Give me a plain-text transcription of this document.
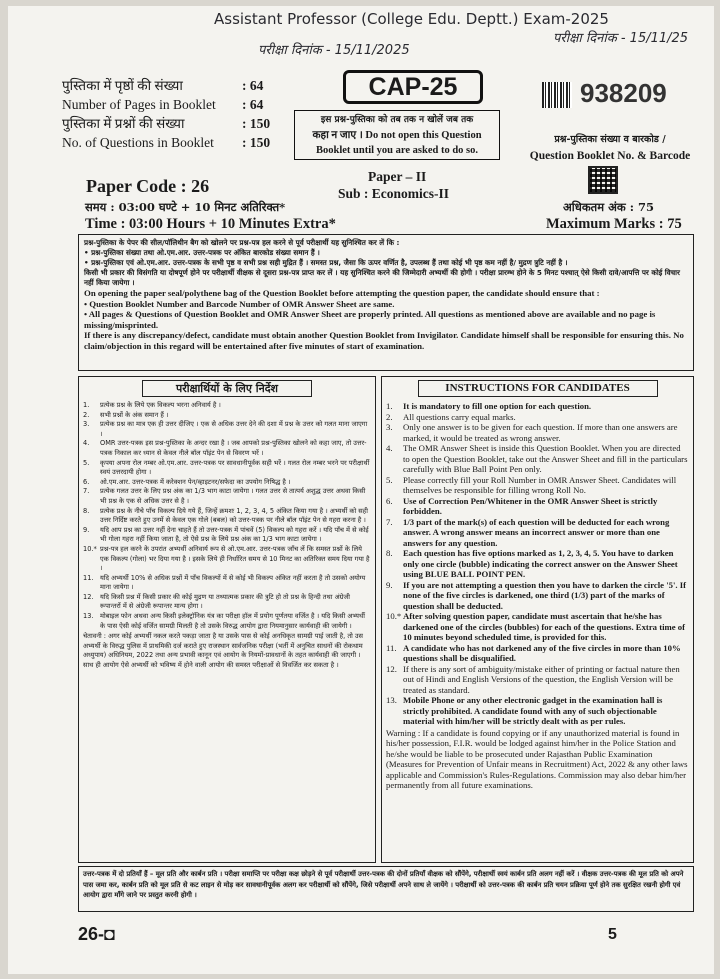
Assistant Professor (College Edu. Deptt.) Exam-2025
परीक्षा दिनांक - 15/11/2025
परीक्षा दिनांक - 15/11/25
पुस्तिका में पृष्ठों की संख्या	: 64
Number of Pages in Booklet : 64
पुस्तिका में प्रश्नों की संख्या	: 150
No. of Questions in Booklet : 150
CAP-25
इस प्रश्न-पुस्तिका को तब तक न खोलें जब तक
कहा न जाए । Do not open this Question
Booklet until you are asked to do so.
938209
प्रश्न-पुस्तिका संख्या व बारकोड /
Question Booklet No. & Barcode
Paper Code : 26	Paper – II
Sub : Economics-II
समय : 03:00 घण्टे + 10 मिनट अतिरिक्त*
Time : 03:00 Hours + 10 Minutes Extra*
अधिकतम अंक : 75
Maximum Marks : 75

प्रश्न-पुस्तिका के पेपर की सील/पॉलिथीन बैग को खोलने पर प्रश्न-पत्र हल करने से पूर्व परीक्षार्थी यह सुनिश्चित कर लें कि :

• प्रश्न-पुस्तिका संख्या तथा ओ.एम.आर. उत्तर-पत्रक पर अंकित बारकोड संख्या समान हैं ।

• प्रश्न-पुस्तिका एवं ओ.एम.आर. उत्तर-पत्रक के सभी पृष्ठ व सभी प्रश्न सही मुद्रित हैं । समस्त प्रश्न, जैसा कि ऊपर वर्णित है, उपलब्ध हैं तथा कोई भी पृष्ठ कम नहीं है/ मुद्रण त्रुटि नहीं है ।

किसी भी प्रकार की विसंगति या दोषपूर्ण होने पर परीक्षार्थी वीक्षक से दूसरा प्रश्न-पत्र प्राप्त कर लें । यह सुनिश्चित करने की जिम्मेदारी अभ्यर्थी की होगी । परीक्षा प्रारम्भ होने के 5 मिनट पश्चात् ऐसे किसी दावे/आपत्ति पर कोई विचार नहीं किया जायेगा ।

On opening the paper seal/polythene bag of the Question Booklet before attempting the question paper, the candidate should ensure that :

• Question Booklet Number and Barcode Number of OMR Answer Sheet are same.

• All pages & Questions of Question Booklet and OMR Answer Sheet are properly printed. All questions as mentioned above are available and no page is missing/misprinted.

If there is any discrepancy/defect, candidate must obtain another Question Booklet from Invigilator. Candidate himself shall be responsible for ensuring this. No claim/objection in this regard will be entertained after five minutes of start of examination.

परीक्षार्थियों के लिए निर्देश
1.	प्रत्येक प्रश्न के लिये एक विकल्प भरना अनिवार्य है ।
2.	सभी प्रश्नों के अंक समान हैं ।
3.	प्रत्येक प्रश्न का मात्र एक ही उत्तर दीजिए । एक से अधिक उत्तर देने की दशा में प्रश्न के उत्तर को गलत माना जाएगा ।
4.	OMR उत्तर-पत्रक इस प्रश्न-पुस्तिका के अन्दर रखा है । जब आपको प्रश्न-पुस्तिका खोलने को कहा जाए, तो उत्तर-पत्रक निकाल कर ध्यान से केवल नीले बॉल पॉइंट पेन से विवरण भरें ।
5.	कृपया अपना रोल नम्बर ओ.एम.आर. उत्तर-पत्रक पर सावधानीपूर्वक सही भरें । गलत रोल नम्बर भरने पर परीक्षार्थी स्वयं उत्तरदायी होगा ।
6.	ओ.एम.आर. उत्तर-पत्रक में करेक्शन पेन/व्हाइटनर/सफेदा का उपयोग निषिद्ध है ।
7.	प्रत्येक गलत उत्तर के लिए प्रश्न अंक का 1/3 भाग काटा जायेगा । गलत उत्तर से तात्पर्य अशुद्ध उत्तर अथवा किसी भी प्रश्न के एक से अधिक उत्तर से है ।
8.	प्रत्येक प्रश्न के नीचे पाँच विकल्प दिये गये हैं, जिन्हें क्रमशः 1, 2, 3, 4, 5 अंकित किया गया है । अभ्यर्थी को सही उत्तर निर्दिष्ट करते हुए उनमें से केवल एक गोले (बबल) को उत्तर-पत्रक पर नीले बॉल पॉइंट पेन से गहरा करना है ।
9.	यदि आप प्रश्न का उत्तर नहीं देना चाहते हैं तो उत्तर-पत्रक में पांचवें (5) विकल्प को गहरा करें । यदि पाँच में से कोई भी गोला गहरा नहीं किया जाता है, तो ऐसे प्रश्न के लिये प्रश्न अंक का 1/3 भाग काटा जायेगा ।
10.* प्रश्न-पत्र हल करने के उपरांत अभ्यर्थी अनिवार्य रूप से ओ.एम.आर. उत्तर-पत्रक जाँच लें कि समस्त प्रश्नों के लिये एक विकल्प (गोला) भर दिया गया है । इसके लिये ही निर्धारित समय से 10 मिनट का अतिरिक्त समय दिया गया है ।
11. यदि अभ्यर्थी 10% से अधिक प्रश्नों में पाँच विकल्पों में से कोई भी विकल्प अंकित नहीं करता है तो उसको अयोग्य माना जायेगा ।
12. यदि किसी प्रश्न में किसी प्रकार की कोई मुद्रण या तथ्यात्मक प्रकार की त्रुटि हो तो प्रश्न के हिन्दी तथा अंग्रेजी रूपान्तरों में से अंग्रेजी रूपान्तर मान्य होगा ।
13. मोबाइल फोन अथवा अन्य किसी इलेक्ट्रॉनिक यंत्र का परीक्षा हॉल में प्रयोग पूर्णतया वर्जित है । यदि किसी अभ्यर्थी के पास ऐसी कोई वर्जित सामग्री मिलती है तो उसके विरुद्ध आयोग द्वारा नियमानुसार कार्यवाही की जायेगी ।
चेतावनी : अगर कोई अभ्यर्थी नकल करते पकड़ा जाता है या उसके पास से कोई अनधिकृत सामग्री पाई जाती है, तो उस अभ्यर्थी के विरुद्ध पुलिस में प्राथमिकी दर्ज कराते हुए राजस्थान सार्वजनिक परीक्षा (भर्ती में अनुचित साधनों की रोकथाम अध्युपाय) अधिनियम, 2022 तथा अन्य प्रभावी कानून एवं आयोग के नियमों-प्रावधानों के तहत कार्यवाही की जाएगी । साथ ही आयोग ऐसे अभ्यर्थी को भविष्य में होने वाली आयोग की समस्त परीक्षाओं से विवर्जित कर सकता है ।
INSTRUCTIONS FOR CANDIDATES
1.	It is mandatory to fill one option for each question.
2.	All questions carry equal marks.
3.	Only one answer is to be given for each question. If more than one answers are marked, it would be treated as wrong answer.
4.	The OMR Answer Sheet is inside this Question Booklet. When you are directed to open the Question Booklet, take out the Answer Sheet and fill in the particulars carefully with Blue Ball Point Pen only.
5.	Please correctly fill your Roll Number in OMR Answer Sheet. Candidates will themselves be responsible for filling wrong Roll No.
6.	Use of Correction Pen/Whitener in the OMR Answer Sheet is strictly forbidden.
7.	1/3 part of the mark(s) of each question will be deducted for each wrong answer. A wrong answer means an incorrect answer or more than one answers for any question.
8.	Each question has five options marked as 1, 2, 3, 4, 5. You have to darken only one circle (bubble) indicating the correct answer on the Answer Sheet using BLUE BALL POINT PEN.
9.	If you are not attempting a question then you have to darken the circle '5'. If none of the five circles is darkened, one third (1/3) part of the marks of question shall be deducted.
10.* After solving question paper, candidate must ascertain that he/she has darkened one of the circles (bubbles) for each of the questions. Extra time of 10 minutes beyond scheduled time, is provided for this.
11. A candidate who has not darkened any of the five circles in more than 10% questions shall be disqualified.
12. If there is any sort of ambiguity/mistake either of printing or factual nature then out of Hindi and English Versions of the question, the English Version will be treated as standard.
13. Mobile Phone or any other electronic gadget in the examination hall is strictly prohibited. A candidate found with any of such objectionable material with him/her will be strictly dealt with as per rules.
Warning : If a candidate is found copying or if any unauthorized material is found in his/her possession, F.I.R. would be lodged against him/her in the Police Station and he/she would be liable to be prosecuted under Rajasthan Public Examination (Measures for Prevention of Unfair means in Recruitment) Act, 2022 & any other laws applicable and Commission's Rules-Regulations. Commission may also debar him/her permanently from all future examinations.
उत्तर-पत्रक में दो प्रतियाँ हैं – मूल प्रति और कार्बन प्रति । परीक्षा समाप्ति पर परीक्षा कक्ष छोड़ने से पूर्व परीक्षार्थी उत्तर-पत्रक की दोनों प्रतियाँ वीक्षक को सौंपेंगे, परीक्षार्थी स्वयं कार्बन प्रति अलग नहीं करें । वीक्षक उत्तर-पत्रक की मूल प्रति को अपने पास जमा कर, कार्बन प्रति को मूल प्रति से कट लाइन से मोड़ कर सावधानीपूर्वक अलग कर परीक्षार्थी को सौंपेंगे, जिसे परीक्षार्थी अपने साथ ले जायेंगे । परीक्षार्थी को उत्तर-पत्रक की कार्बन प्रति चयन प्रक्रिया पूर्ण होने तक सुरक्षित रखनी होगी एवं आयोग द्वारा माँगे जाने पर प्रस्तुत करनी होगी ।
26-◘	5
